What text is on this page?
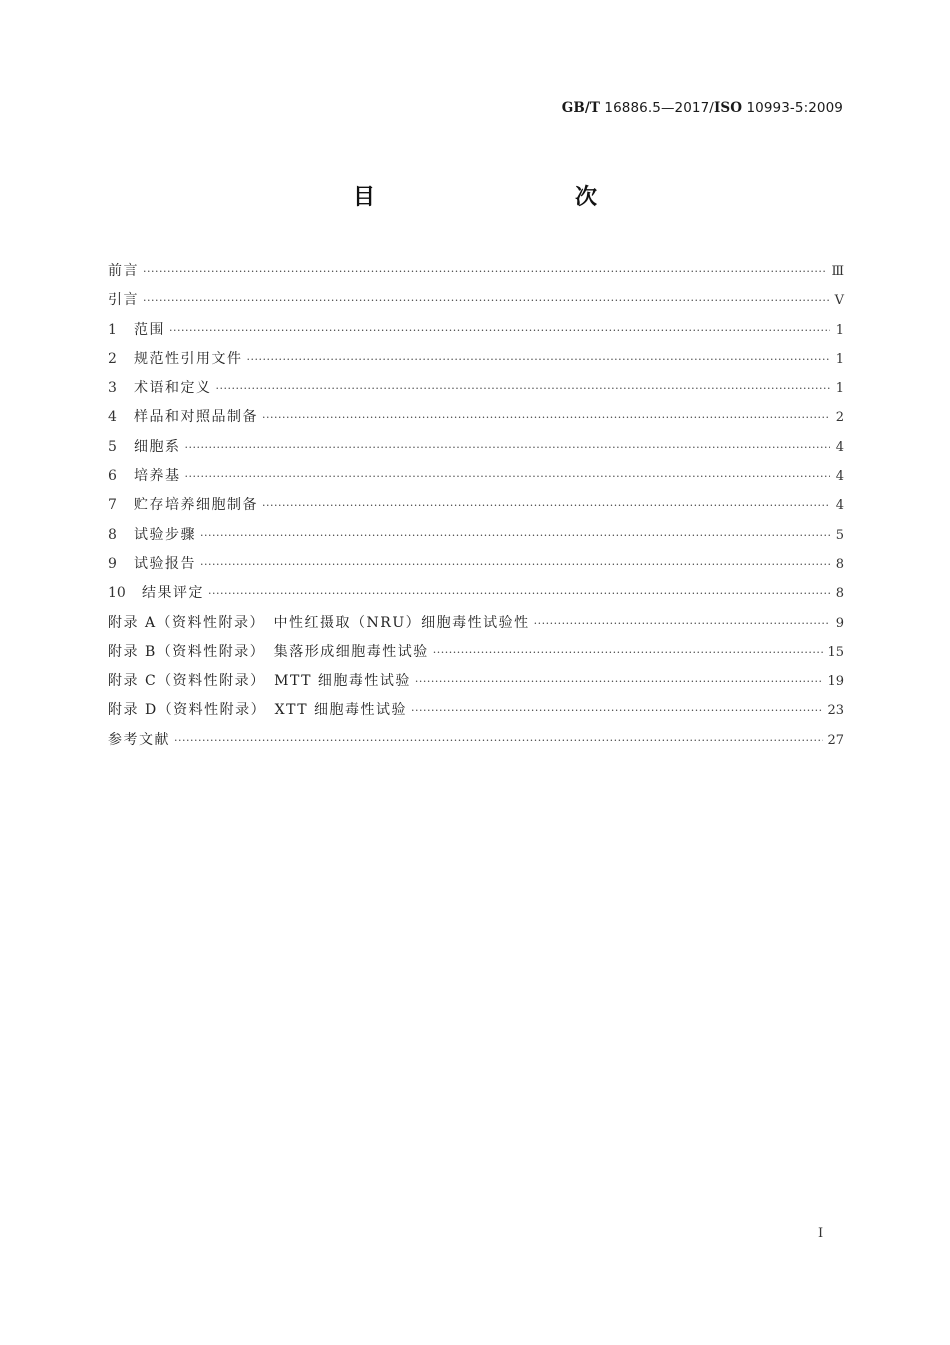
GB/T 16886.5—2017/ISO 10993-5:2009
目　　次
前言 ·····	Ⅲ
引言 ·····	Ⅴ
1	范围 ·····	1
2	规范性引用文件 ·····	1
3	术语和定义 ·····	1
4	样品和对照品制备 ·····	2
5	细胞系 ·····	4
6	培养基 ·····	4
7	贮存培养细胞制备 ·····	4
8	试验步骤 ·····	5
9	试验报告 ·····	8
10	结果评定 ·····	8
附录 A（资料性附录）　中性红摄取（NRU）细胞毒性试验性 ·····	9
附录 B（资料性附录）　集落形成细胞毒性试验 ·····	15
附录 C（资料性附录）　MTT 细胞毒性试验 ·····	19
附录 D（资料性附录）　XTT 细胞毒性试验 ·····	23
参考文献 ·····	27
I
